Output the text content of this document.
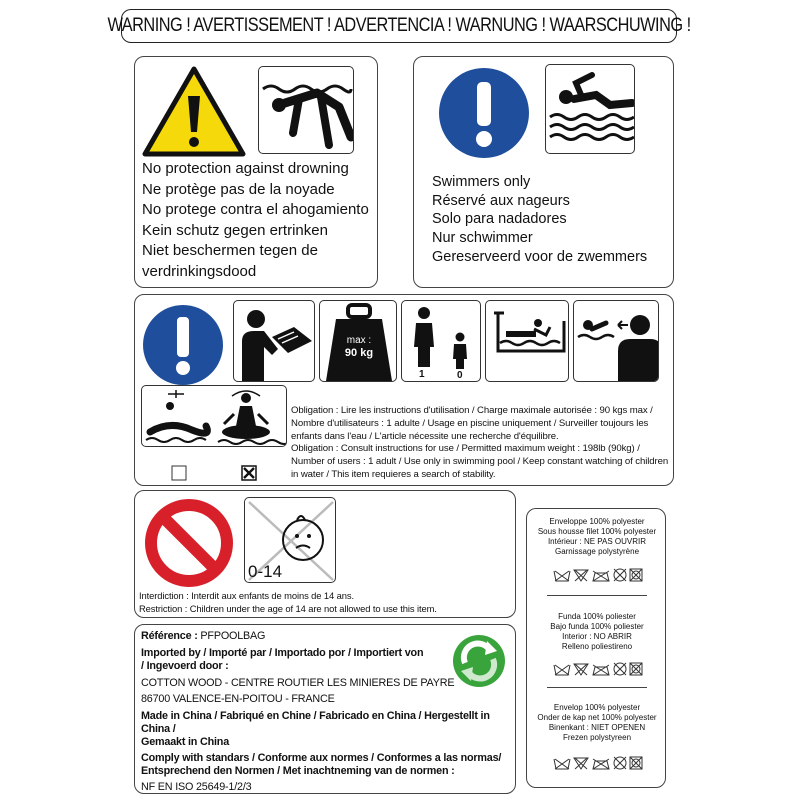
WARNING ! AVERTISSEMENT ! ADVERTENCIA ! WARNUNG ! WAARSCHUWING !
No protection against drowning
Ne protège pas de la noyade
No protege contra el ahogamiento
Kein schutz gegen ertrinken
Niet beschermen tegen de
verdrinkingsdood
Swimmers only
Réservé aux nageurs
Solo para nadadores
Nur schwimmer
Gereserveerd voor de zwemmers
max :
90 kg
1	0
Obligation : Lire les instructions d'utilisation / Charge maximale autorisée : 90 kgs max / Nombre d'utilisateurs : 1 adulte / Usage en piscine uniquement / Surveiller toujours les enfants dans l'eau / L'article nécessite une recherche d'équilibre.
Obligation : Consult instructions for use / Permitted maximum weight : 198lb (90kg) / Number of users : 1 adult / Use only in swimming pool / Keep constant watching of children in water / This item requieres a search of stability.
0-14
Interdiction : Interdit aux enfants de moins de 14 ans.
Restriction : Children under the age of 14 are not allowed to use this item.
Référence : PFPOOLBAG
Imported by / Importé par / Importado por / Importiert von
/ Ingevoerd door :
COTTON WOOD - CENTRE ROUTIER LES MINIERES DE PAYRE
86700 VALENCE-EN-POITOU - FRANCE
Made in China / Fabriqué en Chine / Fabricado en China / Hergestellt in China /
Gemaakt in China
Comply with standars / Conforme aux normes / Conformes a las normas/
Entsprechend den Normen / Met inachtneming van de normen :
NF EN ISO 25649-1/2/3
Enveloppe 100% polyester
Sous housse filet 100% polyester
Intérieur : NE PAS OUVRIR
Garnissage polystyrène
Funda 100% poliester
Bajo funda 100% poliester
Interior : NO ABRIR
Relleno poliestireno
Envelop 100% polyester
Onder de kap net 100% polyester
Binenkant : NIET OPENEN
Frezen polystyreen
